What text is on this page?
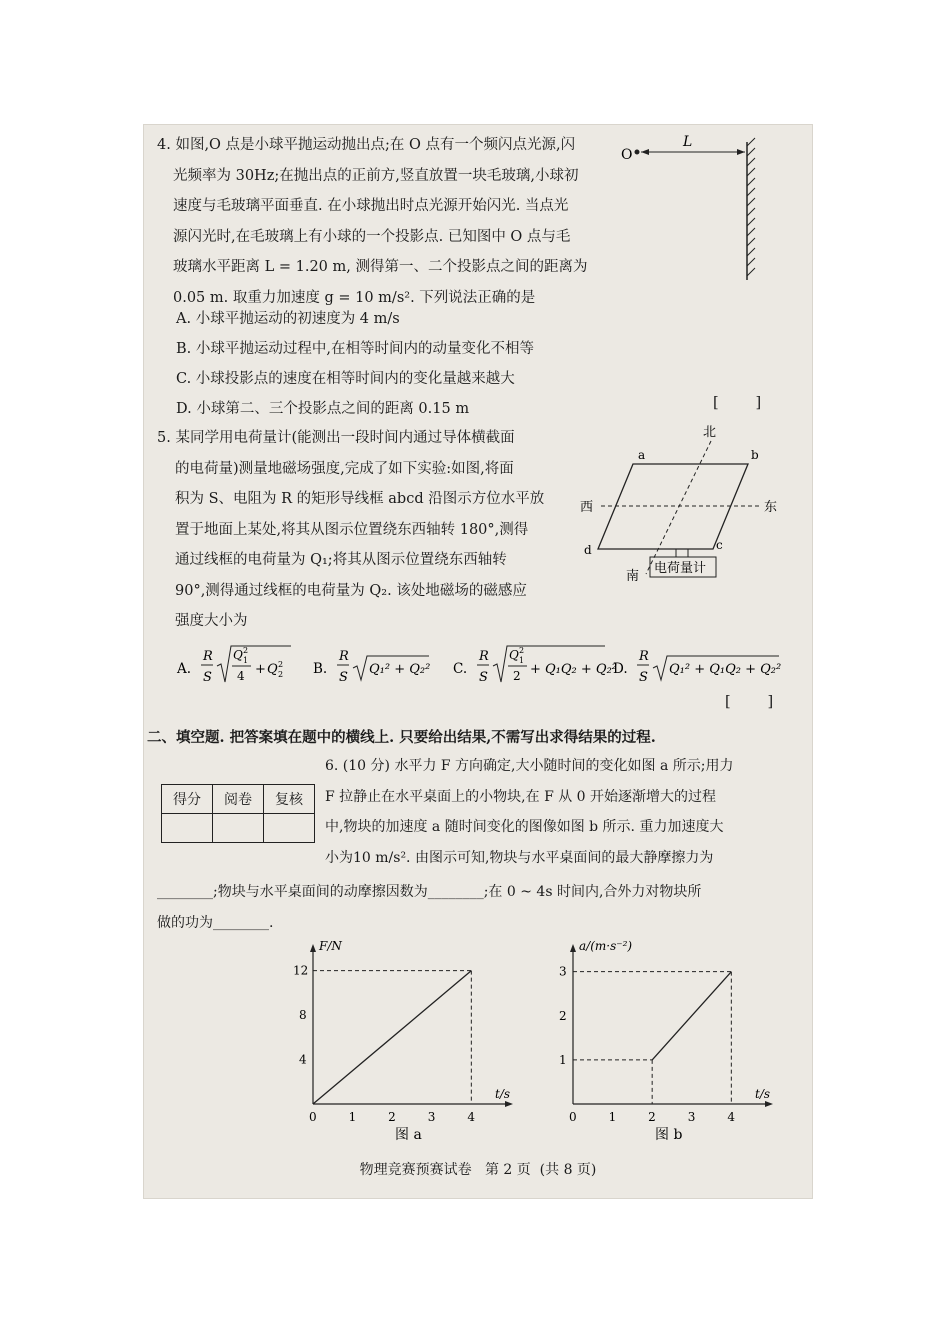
4. 如图,O 点是小球平抛运动抛出点;在 O 点有一个频闪点光源,闪

光频率为 30Hz;在抛出点的正前方,竖直放置一块毛玻璃,小球初

速度与毛玻璃平面垂直. 在小球抛出时点光源开始闪光. 当点光

源闪光时,在毛玻璃上有小球的一个投影点. 已知图中 O 点与毛

玻璃水平距离 L = 1.20 m, 测得第一、二个投影点之间的距离为

0.05 m. 取重力加速度 g = 10 m/s². 下列说法正确的是

O
L
A. 小球平抛运动的初速度为 4 m/s
B. 小球平抛运动过程中,在相等时间内的动量变化不相等
C. 小球投影点的速度在相等时间内的变化量越来越大
D. 小球第二、三个投影点之间的距离 0.15 m	[        ]

5. 某同学用电荷量计(能测出一段时间内通过导体横截面

的电荷量)测量地磁场强度,完成了如下实验:如图,将面

积为 S、电阻为 R 的矩形导线框 abcd 沿图示方位水平放

置于地面上某处,将其从图示位置绕东西轴转 180°,测得

通过线框的电荷量为 Q₁;将其从图示位置绕东西轴转

90°,测得通过线框的电荷量为 Q₂. 该处地磁场的磁感应

强度大小为

北
南
西	东
a	b
c
d
电荷量计
A.
R
S
Q 2
1
4 + Q 2
2 B.
R
S
Q₁² + Q₂² C.
R
S
Q 2
1
2 + Q₁Q₂ + Q₂²
D.
R
S
Q₁² + Q₁Q₂ + Q₂²
[        ]
二、填空题. 把答案填在题中的横线上. 只要给出结果,不需写出求得结果的过程.
得分	阅卷	复核

6. (10 分) 水平力 F 方向确定,大小随时间的变化如图 a 所示;用力

F 拉静止在水平桌面上的小物块,在 F 从 0 开始逐渐增大的过程

中,物块的加速度 a 随时间变化的图像如图 b 所示. 重力加速度大

小为10 m/s². 由图示可知,物块与水平桌面间的最大静摩擦力为

________;物块与水平桌面间的动摩擦因数为________;在 0 ~ 4s 时间内,合外力对物块所

做的功为________.

0	1	2	3	4
4
8
12
F/N
t/s
图 a
0	1	2	3	4
1
2
3
a/(m·s⁻²)
t/s
图 b
物理竞赛预赛试卷   第 2 页  (共 8 页)
